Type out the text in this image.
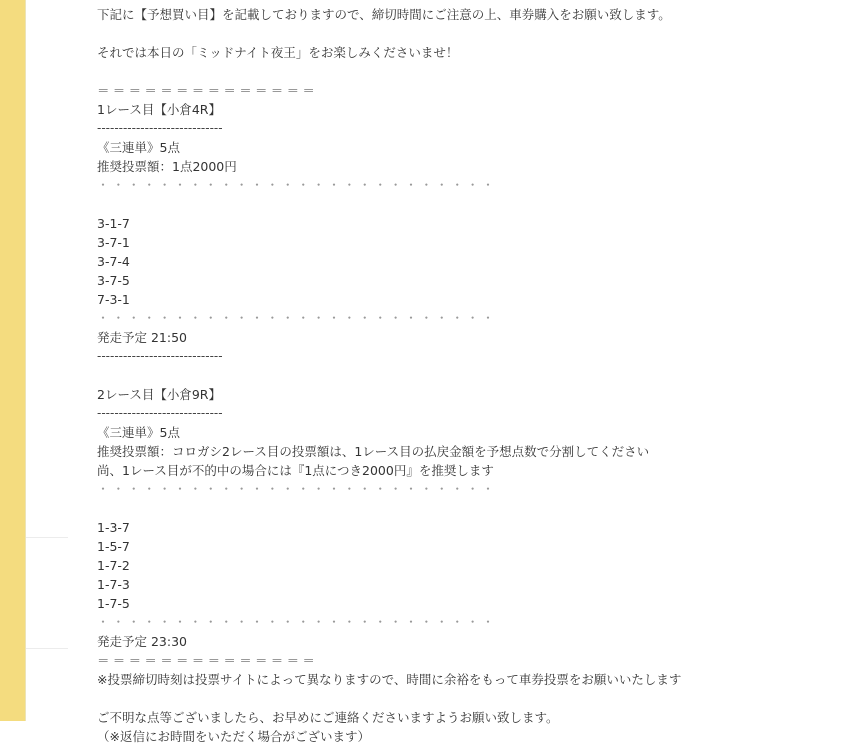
下記に【予想買い目】を記載しておりますので、締切時間にご注意の上、車券購入をお願い致します。
それでは本日の「ミッドナイト夜王」をお楽しみくださいませ！
＝＝＝＝＝＝＝＝＝＝＝＝＝＝
1レース目【小倉4R】
-----------------------------
《三連単》5点
推奨投票額：1点2000円
・・・・・・・・・・・・・・・・・・・・・・・・・・
3-1-7
3-7-1
3-7-4
3-7-5
7-3-1
・・・・・・・・・・・・・・・・・・・・・・・・・・
発走予定 21:50
-----------------------------
2レース目【小倉9R】
-----------------------------
《三連単》5点
推奨投票額：コロガシ2レース目の投票額は、1レース目の払戻金額を予想点数で分割してください
尚、1レース目が不的中の場合には『1点につき2000円』を推奨します
・・・・・・・・・・・・・・・・・・・・・・・・・・
1-3-7
1-5-7
1-7-2
1-7-3
1-7-5
・・・・・・・・・・・・・・・・・・・・・・・・・・
発走予定 23:30
＝＝＝＝＝＝＝＝＝＝＝＝＝＝
※投票締切時刻は投票サイトによって異なりますので、時間に余裕をもって車券投票をお願いいたします
ご不明な点等ございましたら、お早めにご連絡くださいますようお願い致します。
（※返信にお時間をいただく場合がございます）
